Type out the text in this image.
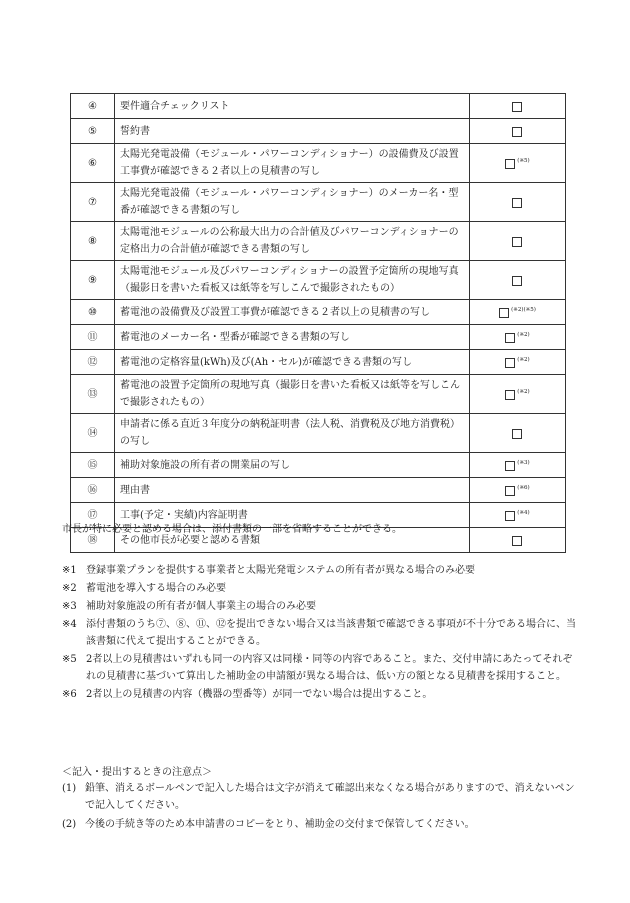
④	要件適合チェックリスト	
⑤	誓約書	
⑥	太陽光発電設備（モジュール・パワーコンディショナー）の設備費及び設置工事費が確認できる２者以上の見積書の写し	$^{(※5)}$
⑦	太陽光発電設備（モジュール・パワーコンディショナー）のメーカー名・型番が確認できる書類の写し	
⑧	太陽電池モジュールの公称最大出力の合計値及びパワーコンディショナーの定格出力の合計値が確認できる書類の写し	
⑨	太陽電池モジュール及びパワーコンディショナーの設置予定箇所の現地写真（撮影日を書いた看板又は紙等を写しこんで撮影されたもの）	
⑩	蓄電池の設備費及び設置工事費が確認できる２者以上の見積書の写し	$^{(※2)(※5)}$
⑪	蓄電池のメーカー名・型番が確認できる書類の写し	$^{(※2)}$
⑫	蓄電池の定格容量(kWh)及び(Ah・セル)が確認できる書類の写し	$^{(※2)}$
⑬	蓄電池の設置予定箇所の現地写真（撮影日を書いた看板又は紙等を写しこんで撮影されたもの）	$^{(※2)}$
⑭	申請者に係る直近３年度分の納税証明書（法人税、消費税及び地方消費税）の写し	
⑮	補助対象施設の所有者の開業届の写し	$^{(※3)}$
⑯	理由書	$^{(※6)}$
⑰	工事(予定・実績)内容証明書	$^{(※4)}$
⑱	その他市長が必要と認める書類	
市長が特に必要と認める場合は、添付書類の一部を省略することができる。
※1 登録事業プランを提供する事業者と太陽光発電システムの所有者が異なる場合のみ必要
※2 蓄電池を導入する場合のみ必要
※3 補助対象施設の所有者が個人事業主の場合のみ必要
※4 添付書類のうち⑦、⑧、⑪、⑫を提出できない場合又は当該書類で確認できる事項が不十分である場合に、当該書類に代えて提出することができる。
※5 2者以上の見積書はいずれも同一の内容又は同様・同等の内容であること。また、交付申請にあたってそれぞれの見積書に基づいて算出した補助金の申請額が異なる場合は、低い方の額となる見積書を採用すること。
※6 2者以上の見積書の内容（機器の型番等）が同一でない場合は提出すること。
＜記入・提出するときの注意点＞
(1) 鉛筆、消えるボールペンで記入した場合は文字が消えて確認出来なくなる場合がありますので、消えないペンで記入してください。
(2) 今後の手続き等のため本申請書のコピーをとり、補助金の交付まで保管してください。
